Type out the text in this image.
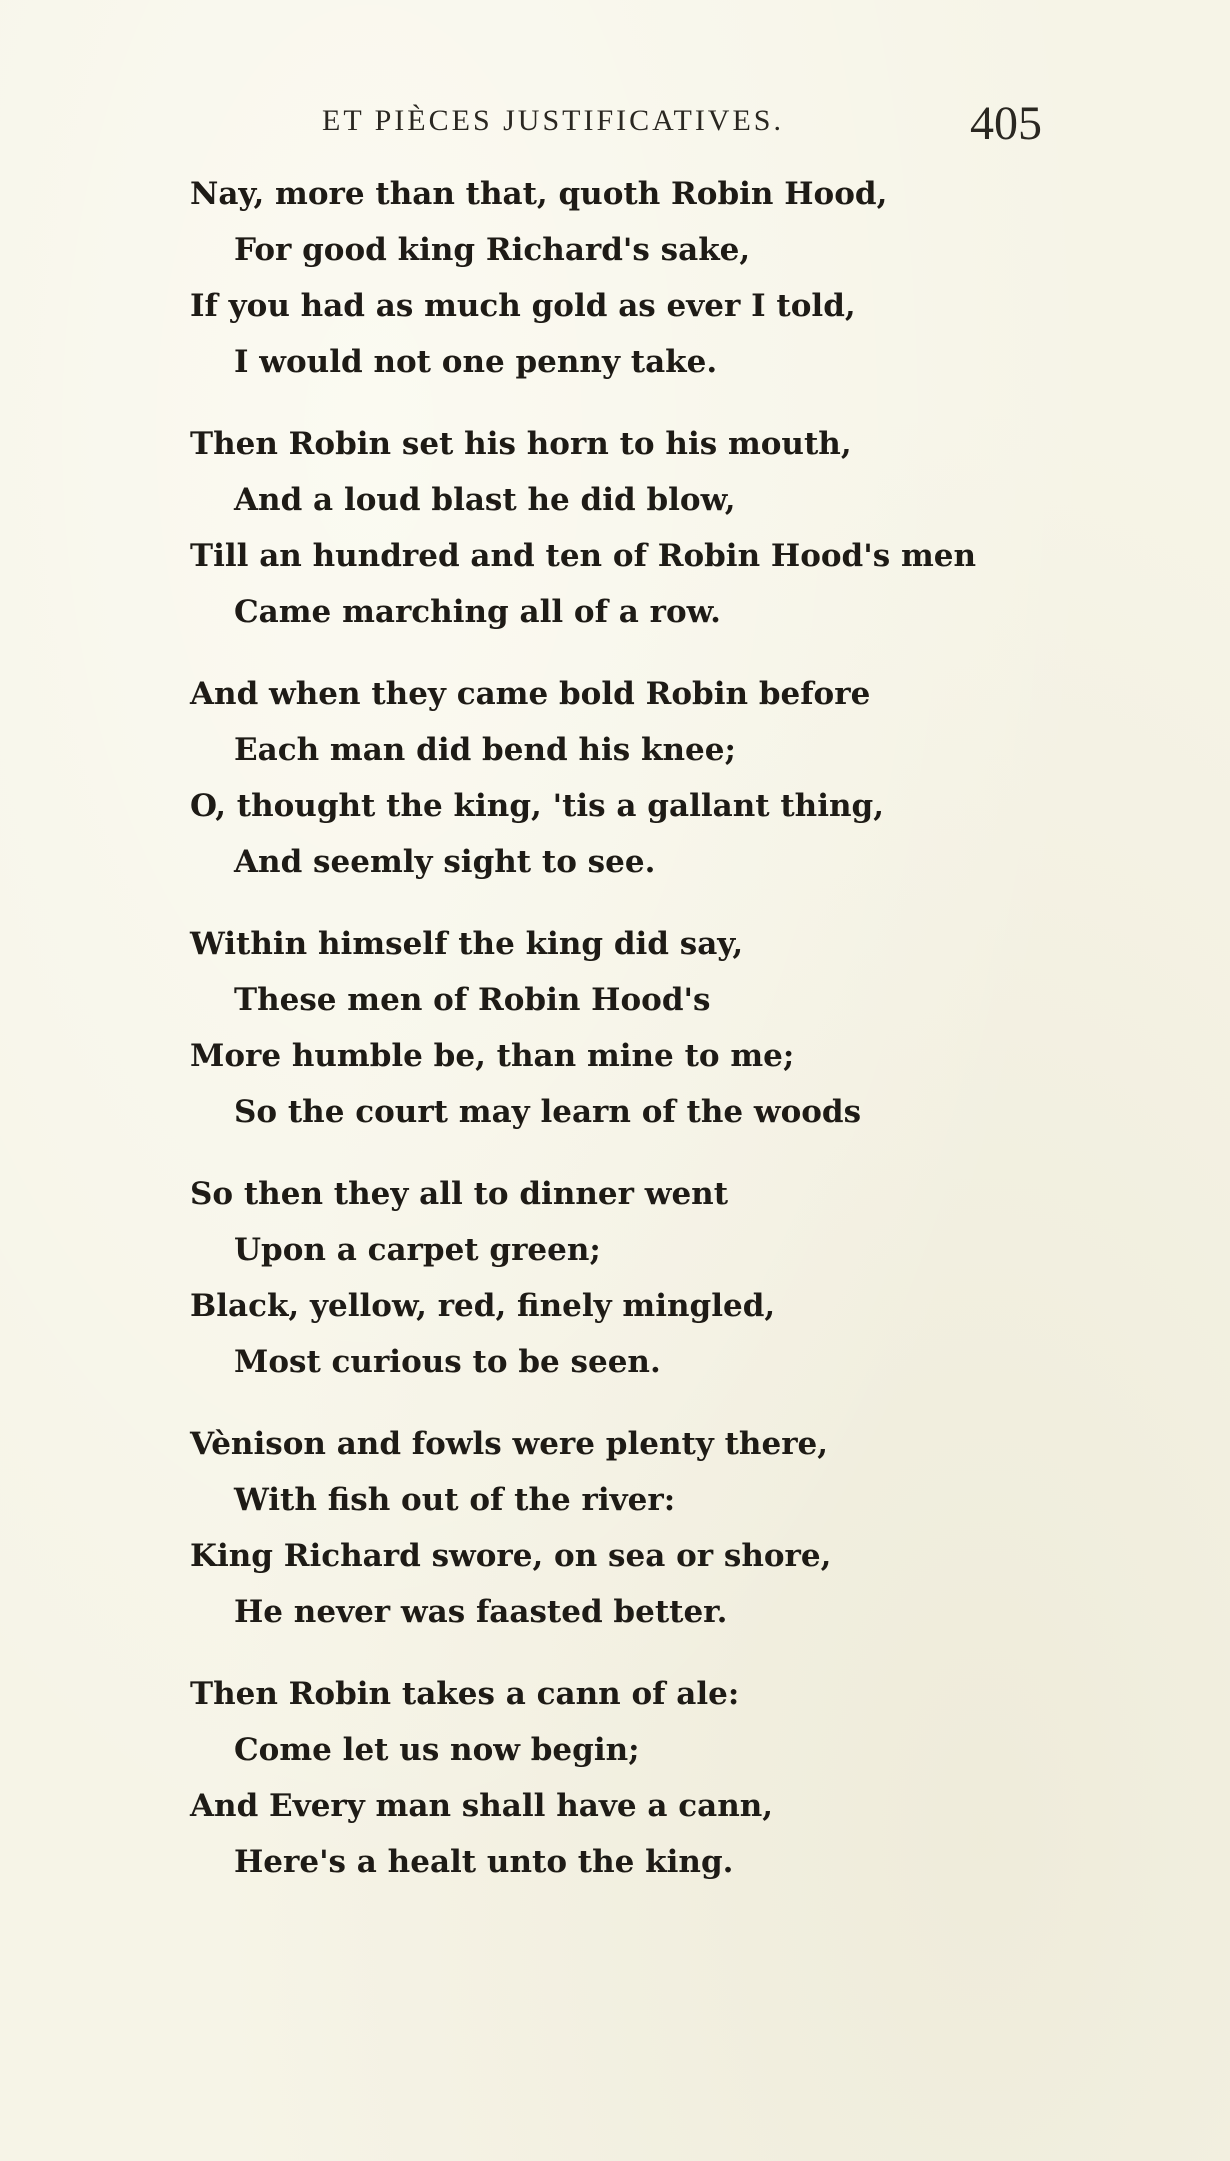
ET PIÈCES JUSTIFICATIVES.	405
Nay, more than that, quoth Robin Hood,
For good king Richard's sake,
If you had as much gold as ever I told,
I would not one penny take.
Then Robin set his horn to his mouth,
And a loud blast he did blow,
Till an hundred and ten of Robin Hood's men
Came marching all of a row.
And when they came bold Robin before
Each man did bend his knee;
O, thought the king, 'tis a gallant thing,
And seemly sight to see.
Within himself the king did say,
These men of Robin Hood's
More humble be, than mine to me;
So the court may learn of the woods
So then they all to dinner went
Upon a carpet green;
Black, yellow, red, finely mingled,
Most curious to be seen.
Vènison and fowls were plenty there,
With fish out of the river:
King Richard swore, on sea or shore,
He never was faasted better.
Then Robin takes a cann of ale:
Come let us now begin;
And Every man shall have a cann,
Here's a healt unto the king.
